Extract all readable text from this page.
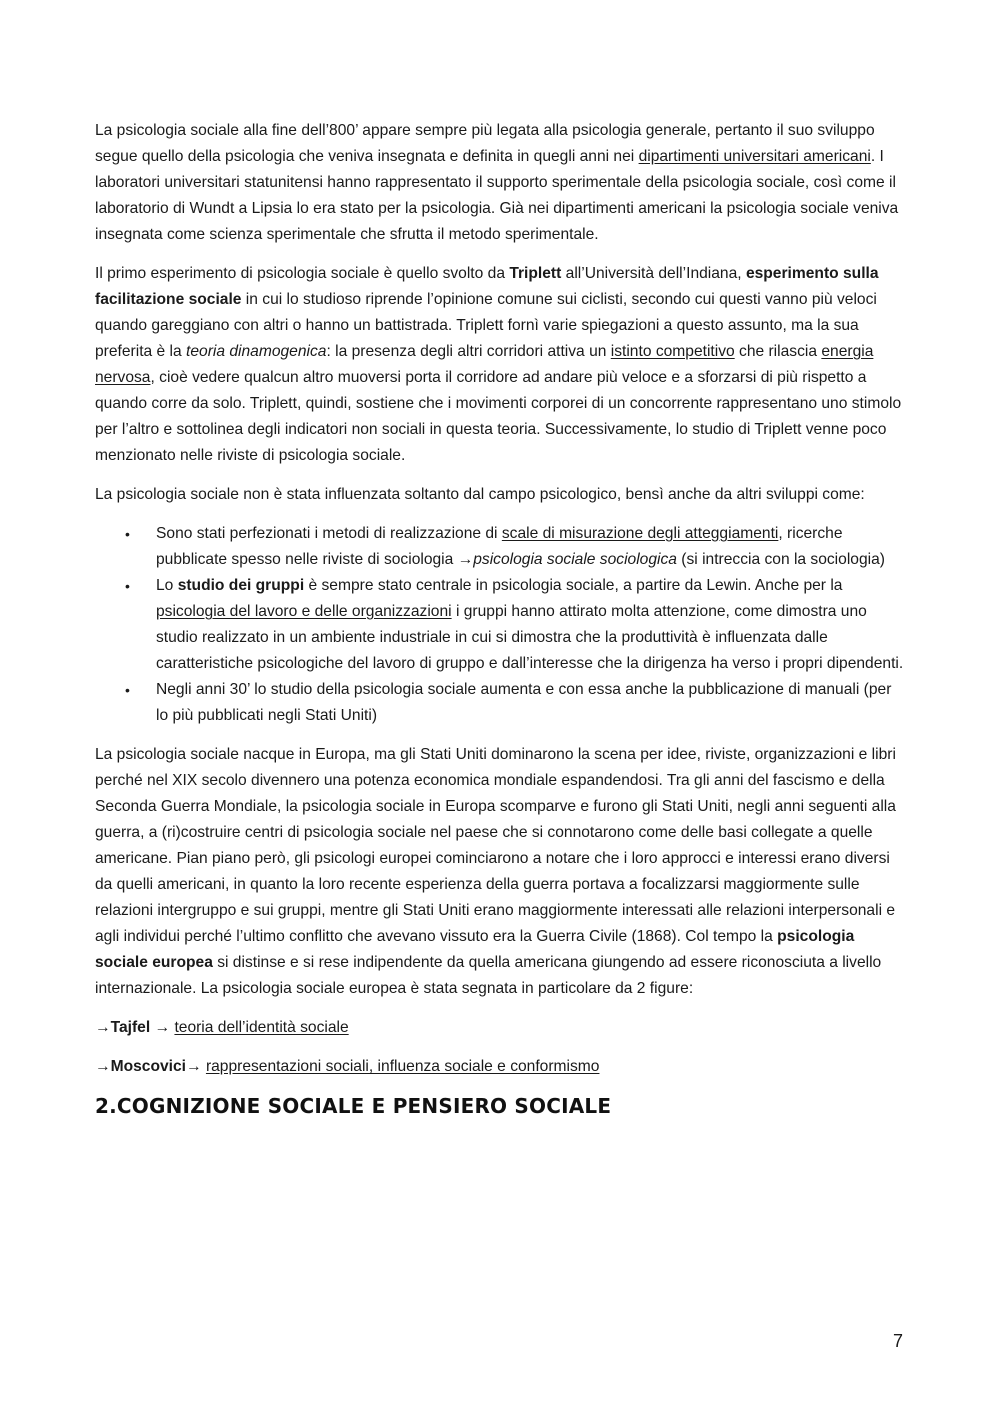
La psicologia sociale alla fine dell’800’ appare sempre più legata alla psicologia generale, pertanto il suo sviluppo segue quello della psicologia che veniva insegnata e definita in quegli anni nei dipartimenti universitari americani. I laboratori universitari statunitensi hanno rappresentato il supporto sperimentale della psicologia sociale, così come il laboratorio di Wundt a Lipsia lo era stato per la psicologia. Già nei dipartimenti americani la psicologia sociale veniva insegnata come scienza sperimentale che sfrutta il metodo sperimentale.

Il primo esperimento di psicologia sociale è quello svolto da Triplett all’Università dell’Indiana, esperimento sulla facilitazione sociale in cui lo studioso riprende l’opinione comune sui ciclisti, secondo cui questi vanno più veloci quando gareggiano con altri o hanno un battistrada. Triplett fornì varie spiegazioni a questo assunto, ma la sua preferita è la teoria dinamogenica: la presenza degli altri corridori attiva un istinto competitivo che rilascia energia nervosa, cioè vedere qualcun altro muoversi porta il corridore ad andare più veloce e a sforzarsi di più rispetto a quando corre da solo. Triplett, quindi, sostiene che i movimenti corporei di un concorrente rappresentano uno stimolo per l’altro e sottolinea degli indicatori non sociali in questa teoria. Successivamente, lo studio di Triplett venne poco menzionato nelle riviste di psicologia sociale.

La psicologia sociale non è stata influenzata soltanto dal campo psicologico, bensì anche da altri sviluppi come:

• Sono stati perfezionati i metodi di realizzazione di scale di misurazione degli atteggiamenti, ricerche pubblicate spesso nelle riviste di sociologia →psicologia sociale sociologica (si intreccia con la sociologia)
• Lo studio dei gruppi è sempre stato centrale in psicologia sociale, a partire da Lewin. Anche per la psicologia del lavoro e delle organizzazioni i gruppi hanno attirato molta attenzione, come dimostra uno studio realizzato in un ambiente industriale in cui si dimostra che la produttività è influenzata dalle caratteristiche psicologiche del lavoro di gruppo e dall’interesse che la dirigenza ha verso i propri dipendenti.
• Negli anni 30’ lo studio della psicologia sociale aumenta e con essa anche la pubblicazione di manuali (per lo più pubblicati negli Stati Uniti)

La psicologia sociale nacque in Europa, ma gli Stati Uniti dominarono la scena per idee, riviste, organizzazioni e libri perché nel XIX secolo divennero una potenza economica mondiale espandendosi. Tra gli anni del fascismo e della Seconda Guerra Mondiale, la psicologia sociale in Europa scomparve e furono gli Stati Uniti, negli anni seguenti alla guerra, a (ri)costruire centri di psicologia sociale nel paese che si connotarono come delle basi collegate a quelle americane. Pian piano però, gli psicologi europei cominciarono a notare che i loro approcci e interessi erano diversi da quelli americani, in quanto la loro recente esperienza della guerra portava a focalizzarsi maggiormente sulle relazioni intergruppo e sui gruppi, mentre gli Stati Uniti erano maggiormente interessati alle relazioni interpersonali e agli individui perché l’ultimo conflitto che avevano vissuto era la Guerra Civile (1868). Col tempo la psicologia sociale europea si distinse e si rese indipendente da quella americana giungendo ad essere riconosciuta a livello internazionale. La psicologia sociale europea è stata segnata in particolare da 2 figure:

→Tajfel → teoria dell’identità sociale

→Moscovici→ rappresentazioni sociali, influenza sociale e conformismo

2.COGNIZIONE SOCIALE E PENSIERO SOCIALE
7
